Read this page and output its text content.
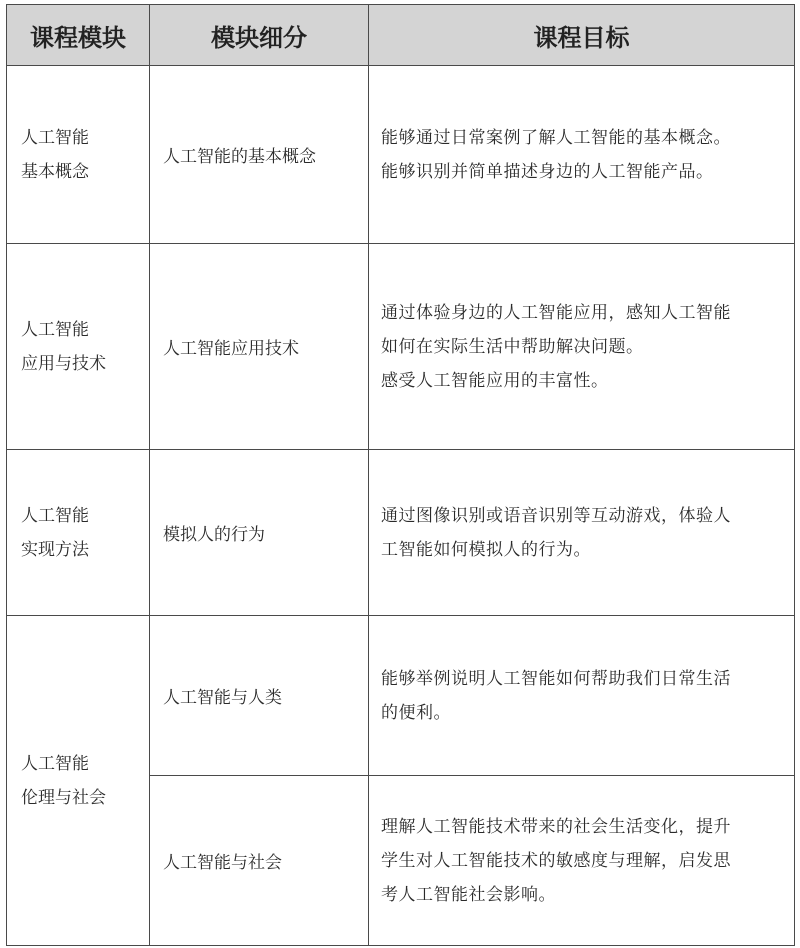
课程模块	模块细分	课程目标

人工智能
基本概念	人工智能的基本概念	能够通过日常案例了解人工智能的基本概念。
能够识别并简单描述身边的人工智能产品。

人工智能
应用与技术	人工智能应用技术	通过体验身边的人工智能应用，感知人工智能
如何在实际生活中帮助解决问题。
感受人工智能应用的丰富性。

人工智能
实现方法	模拟人的行为	通过图像识别或语音识别等互动游戏，体验人
工智能如何模拟人的行为。

人工智能
伦理与社会	人工智能与人类	能够举例说明人工智能如何帮助我们日常生活
的便利。

	人工智能与社会	理解人工智能技术带来的社会生活变化，提升
学生对人工智能技术的敏感度与理解，启发思
考人工智能社会影响。
